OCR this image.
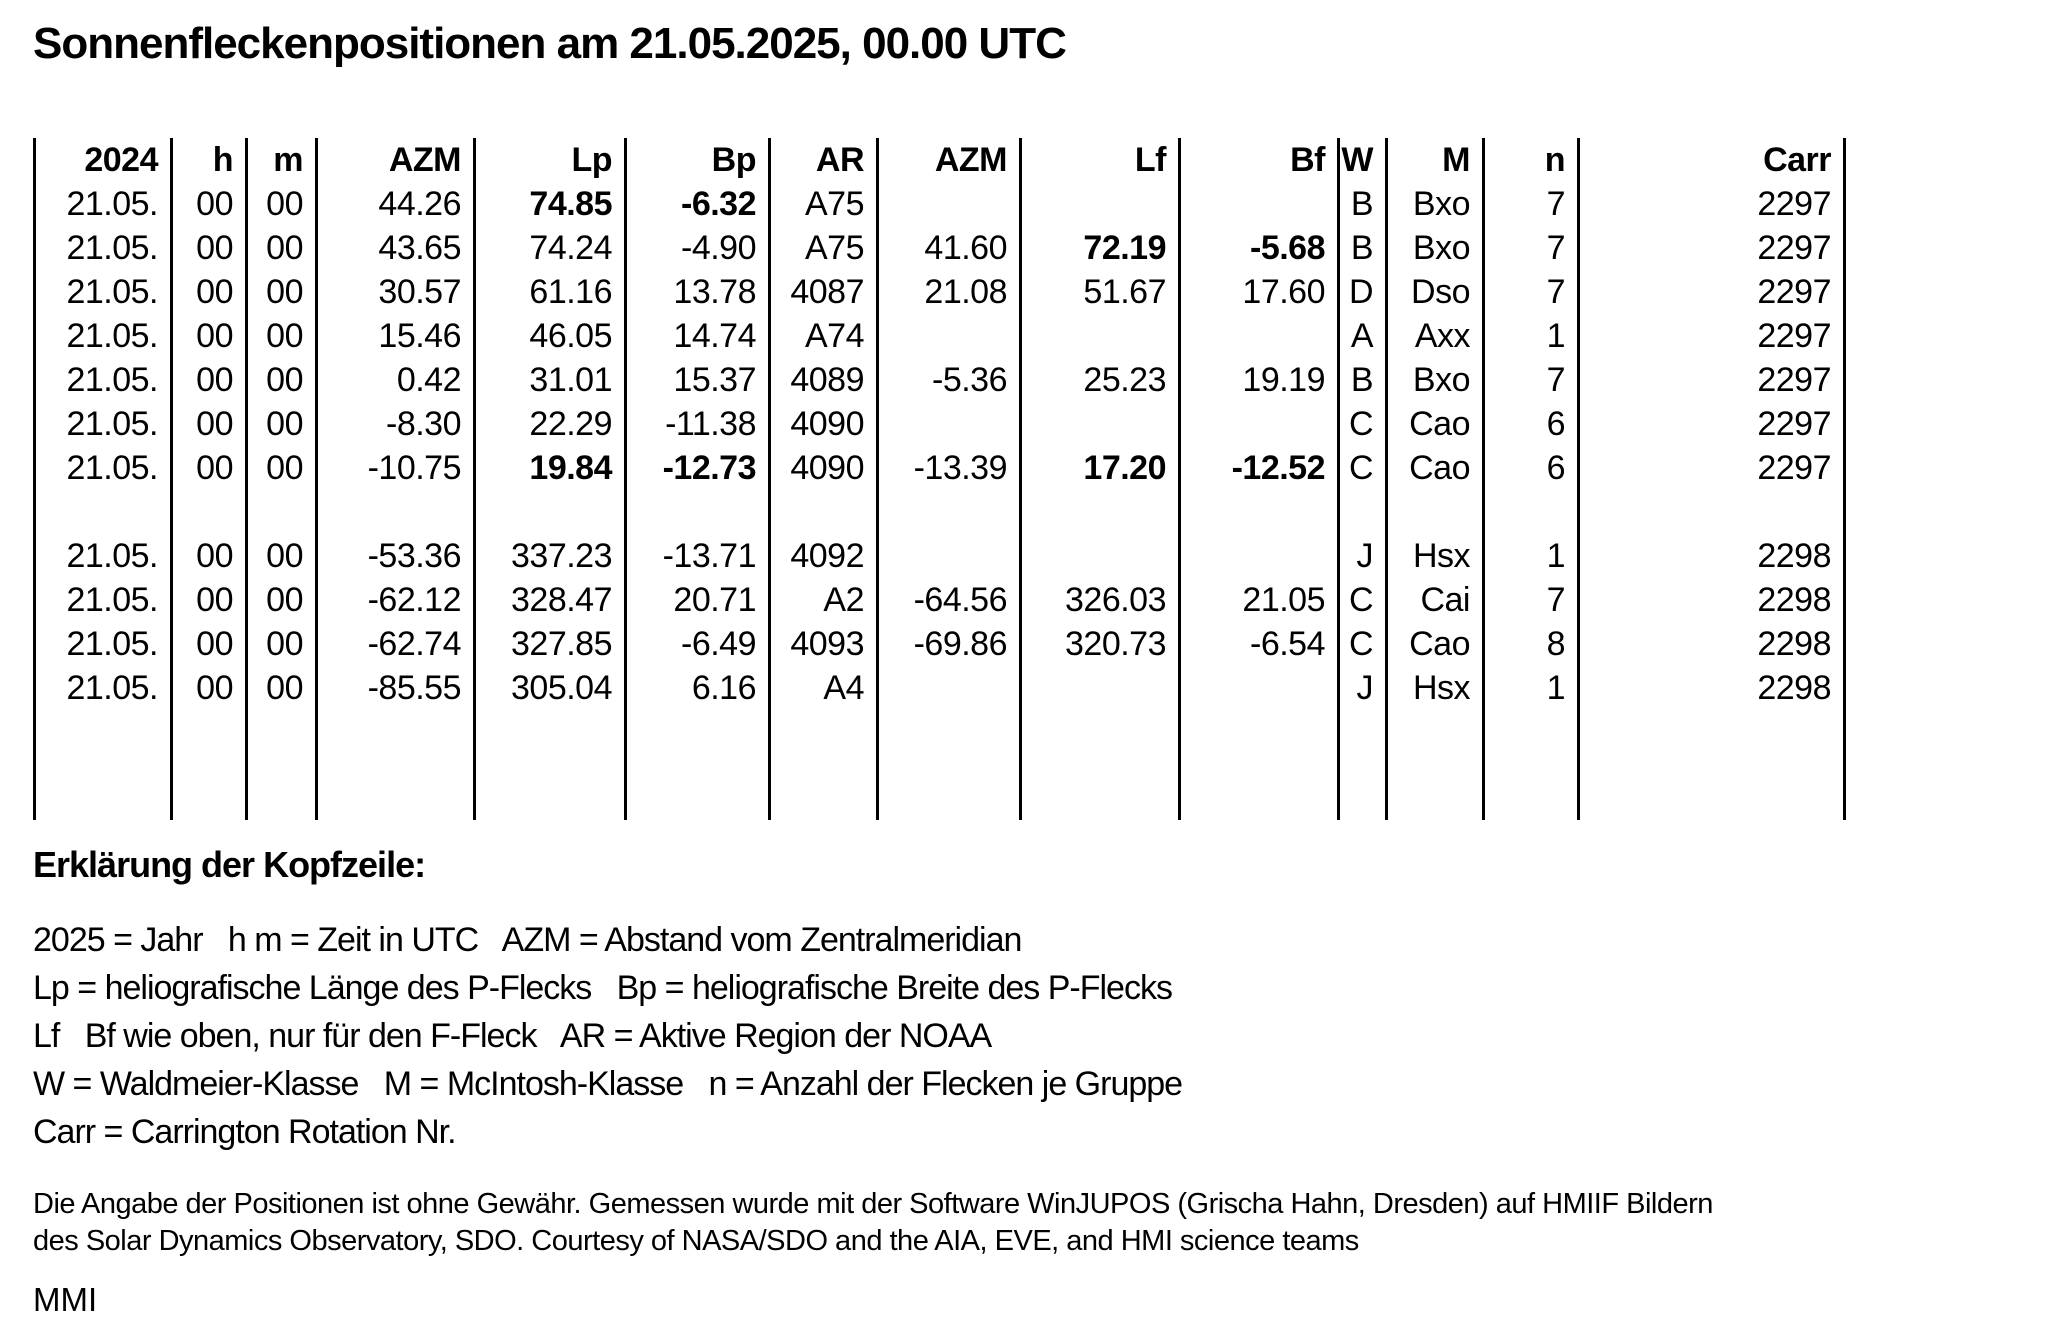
Sonnenfleckenpositionen am 21.05.2025, 00.00 UTC
2024	h	m	AZM	Lp	Bp	AR	AZM	Lf	Bf	W	M	n	Carr
21.05.	00	00	44.26	74.85	-6.32	A75				B	Bxo	7	2297
21.05.	00	00	43.65	74.24	-4.90	A75	41.60	72.19	-5.68	B	Bxo	7	2297
21.05.	00	00	30.57	61.16	13.78	4087	21.08	51.67	17.60	D	Dso	7	2297
21.05.	00	00	15.46	46.05	14.74	A74				A	Axx	1	2297
21.05.	00	00	0.42	31.01	15.37	4089	-5.36	25.23	19.19	B	Bxo	7	2297
21.05.	00	00	-8.30	22.29	-11.38	4090				C	Cao	6	2297
21.05.	00	00	-10.75	19.84	-12.73	4090	-13.39	17.20	-12.52	C	Cao	6	2297

21.05.	00	00	-53.36	337.23	-13.71	4092				J	Hsx	1	2298
21.05.	00	00	-62.12	328.47	20.71	A2	-64.56	326.03	21.05	C	Cai	7	2298
21.05.	00	00	-62.74	327.85	-6.49	4093	-69.86	320.73	-6.54	C	Cao	8	2298
21.05.	00	00	-85.55	305.04	6.16	A4				J	Hsx	1	2298

Erklärung der Kopfzeile:
2025 = Jahr   h m = Zeit in UTC   AZM = Abstand vom Zentralmeridian
Lp = heliografische Länge des P-Flecks   Bp = heliografische Breite des P-Flecks
Lf   Bf wie oben, nur für den F-Fleck   AR = Aktive Region der NOAA
W = Waldmeier-Klasse   M = McIntosh-Klasse   n = Anzahl der Flecken je Gruppe
Carr = Carrington Rotation Nr.
Die Angabe der Positionen ist ohne Gewähr. Gemessen wurde mit der Software WinJUPOS (Grischa Hahn, Dresden) auf HMIIF Bildern
des Solar Dynamics Observatory, SDO. Courtesy of NASA/SDO and the AIA, EVE, and HMI science teams
MMI
